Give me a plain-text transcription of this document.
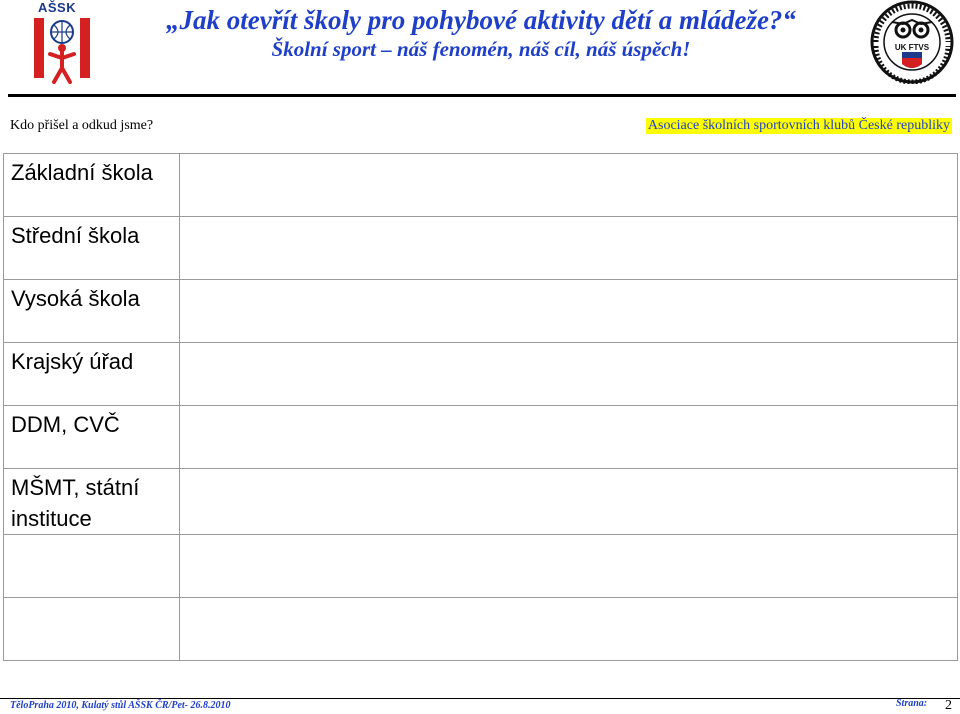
AŠSK	„Jak otevřít školy pro pohybové aktivity dětí a mládeže?“
Školní sport – náš fenomén, náš cíl, náš úspěch!	UK FTVS
Kdo přišel a odkud jsme?	Asociace školních sportovních klubů České republiky
Základní škola	
Střední škola	
Vysoká škola	
Krajský úřad	
DDM, CVČ	
MŠMT, státní instituce	

TěloPraha 2010, Kulatý stůl AŠSK ČR/Pet- 26.8.2010	Strana: 2
